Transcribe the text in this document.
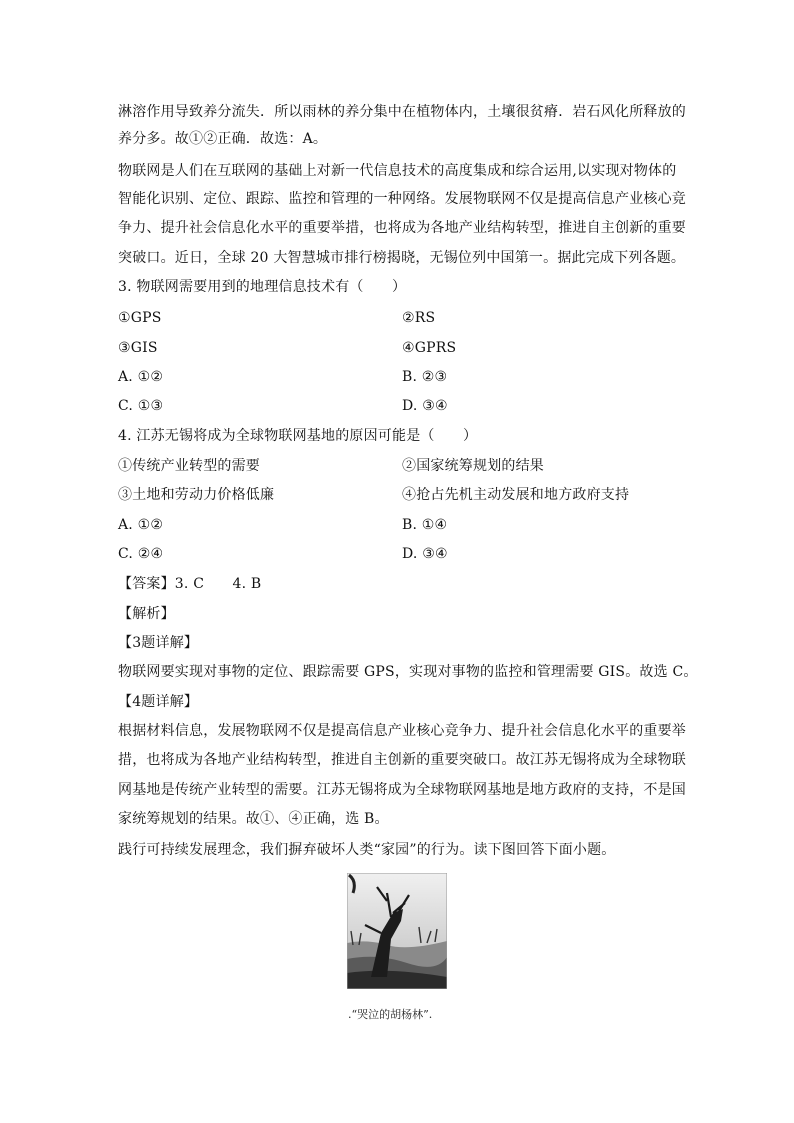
淋溶作用导致养分流失．所以雨林的养分集中在植物体内，土壤很贫瘠．岩石风化所释放的
养分多。故①②正确．故选：A。
物联网是人们在互联网的基础上对新一代信息技术的高度集成和综合运用,以实现对物体的
智能化识别、定位、跟踪、监控和管理的一种网络。发展物联网不仅是提高信息产业核心竞
争力、提升社会信息化水平的重要举措，也将成为各地产业结构转型，推进自主创新的重要
突破口。近日，全球 20 大智慧城市排行榜揭晓，无锡位列中国第一。据此完成下列各题。
3. 物联网需要用到的地理信息技术有（　　）
①GPS	②RS
③GIS	④GPRS
A. ①②	B. ②③
C. ①③	D. ③④
4. 江苏无锡将成为全球物联网基地的原因可能是（　　）
①传统产业转型的需要	②国家统筹规划的结果
③土地和劳动力价格低廉	④抢占先机主动发展和地方政府支持
A. ①②	B. ①④
C. ②④	D. ③④
【答案】3. C　　4. B
【解析】
【3题详解】
物联网要实现对事物的定位、跟踪需要 GPS，实现对事物的监控和管理需要 GIS。故选 C。
【4题详解】
根据材料信息，发展物联网不仅是提高信息产业核心竞争力、提升社会信息化水平的重要举
措，也将成为各地产业结构转型，推进自主创新的重要突破口。故江苏无锡将成为全球物联
网基地是传统产业转型的需要。江苏无锡将成为全球物联网基地是地方政府的支持，不是国
家统筹规划的结果。故①、④正确，选 B。
践行可持续发展理念，我们摒弃破坏人类“家园”的行为。读下图回答下面小题。
.“哭泣的胡杨林”.
